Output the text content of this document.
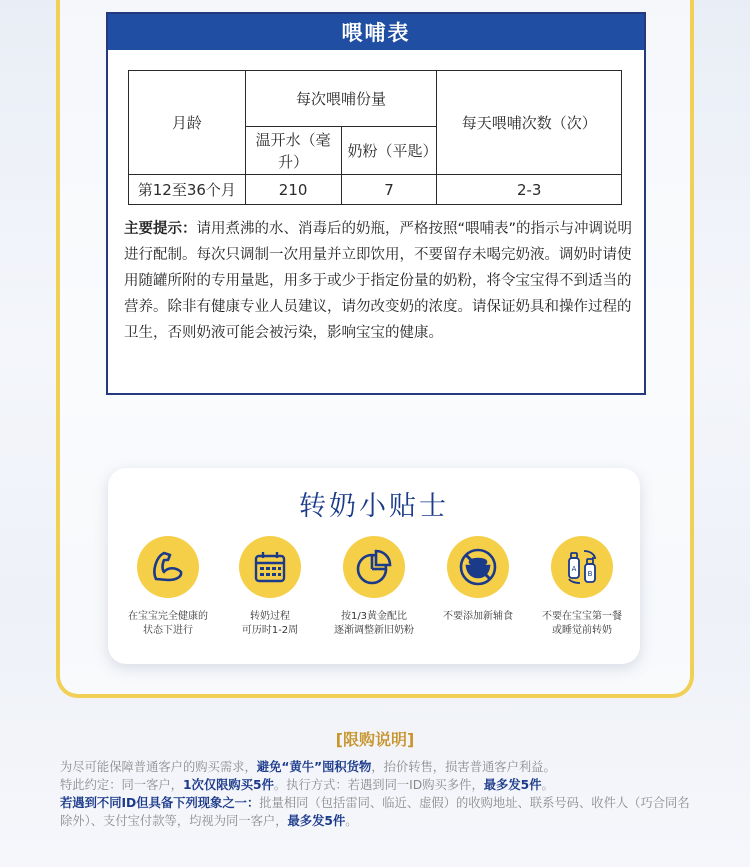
喂哺表
月龄	每次喂哺份量		每天喂哺次数（次）
	温开水（毫升）	奶粉（平匙）	
第12至36个月	210	7	2-3

主要提示：请用煮沸的水、消毒后的奶瓶，严格按照“喂哺表”的指示与冲调说明进行配制。每次只调制一次用量并立即饮用，不要留存未喝完奶液。调奶时请使用随罐所附的专用量匙，用多于或少于指定份量的奶粉，将令宝宝得不到适当的营养。除非有健康专业人员建议，请勿改变奶的浓度。请保证奶具和操作过程的卫生，否则奶液可能会被污染，影响宝宝的健康。

转奶小贴士
在宝宝完全健康的
状态下进行
转奶过程
可历时1-2周
按1/3黄金配比
逐渐调整新旧奶粉
不要添加新辅食

A
B
不要在宝宝第一餐
或睡觉前转奶
[限购说明]

为尽可能保障普通客户的购买需求，避免“黄牛”囤积货物，抬价转售，损害普通客户利益。

特此约定：同一客户，1次仅限购买5件。执行方式：若遇到同一ID购买多件，最多发5件。

若遇到不同ID但具备下列现象之一：批量相同（包括雷同、临近、虚假）的收购地址、联系号码、收件人（巧合同名除外）、支付宝付款等，均视为同一客户，最多发5件。
